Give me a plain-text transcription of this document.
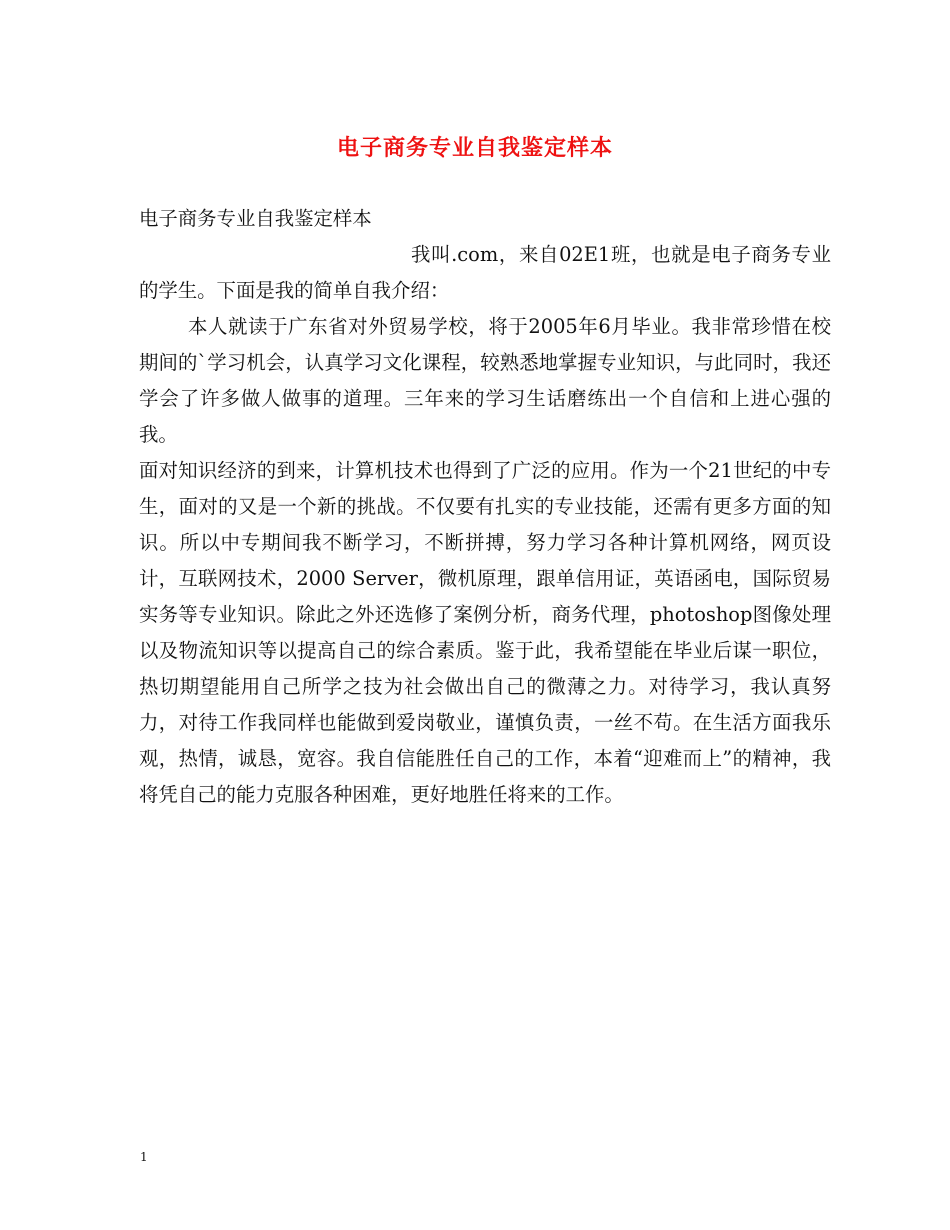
电子商务专业自我鉴定样本

电子商务专业自我鉴定样本

我叫.com，来自02E1班，也就是电子商务专业的学生。下面是我的简单自我介绍：

本人就读于广东省对外贸易学校，将于2005年6月毕业。我非常珍惜在校期间的`学习机会，认真学习文化课程，较熟悉地掌握专业知识，与此同时，我还学会了许多做人做事的道理。三年来的学习生话磨练出一个自信和上进心强的我。

面对知识经济的到来，计算机技术也得到了广泛的应用。作为一个21世纪的中专生，面对的又是一个新的挑战。不仅要有扎实的专业技能，还需有更多方面的知识。所以中专期间我不断学习，不断拼搏，努力学习各种计算机网络，网页设计，互联网技术，2000 Server，微机原理，跟单信用证，英语函电，国际贸易实务等专业知识。除此之外还选修了案例分析，商务代理，photoshop图像处理以及物流知识等以提高自己的综合素质。鉴于此，我希望能在毕业后谋一职位，热切期望能用自己所学之技为社会做出自己的微薄之力。对待学习，我认真努力，对待工作我同样也能做到爱岗敬业，谨慎负责，一丝不苟。在生活方面我乐观，热情，诚恳，宽容。我自信能胜任自己的工作，本着“迎难而上”的精神，我将凭自己的能力克服各种困难，更好地胜任将来的工作。

1
